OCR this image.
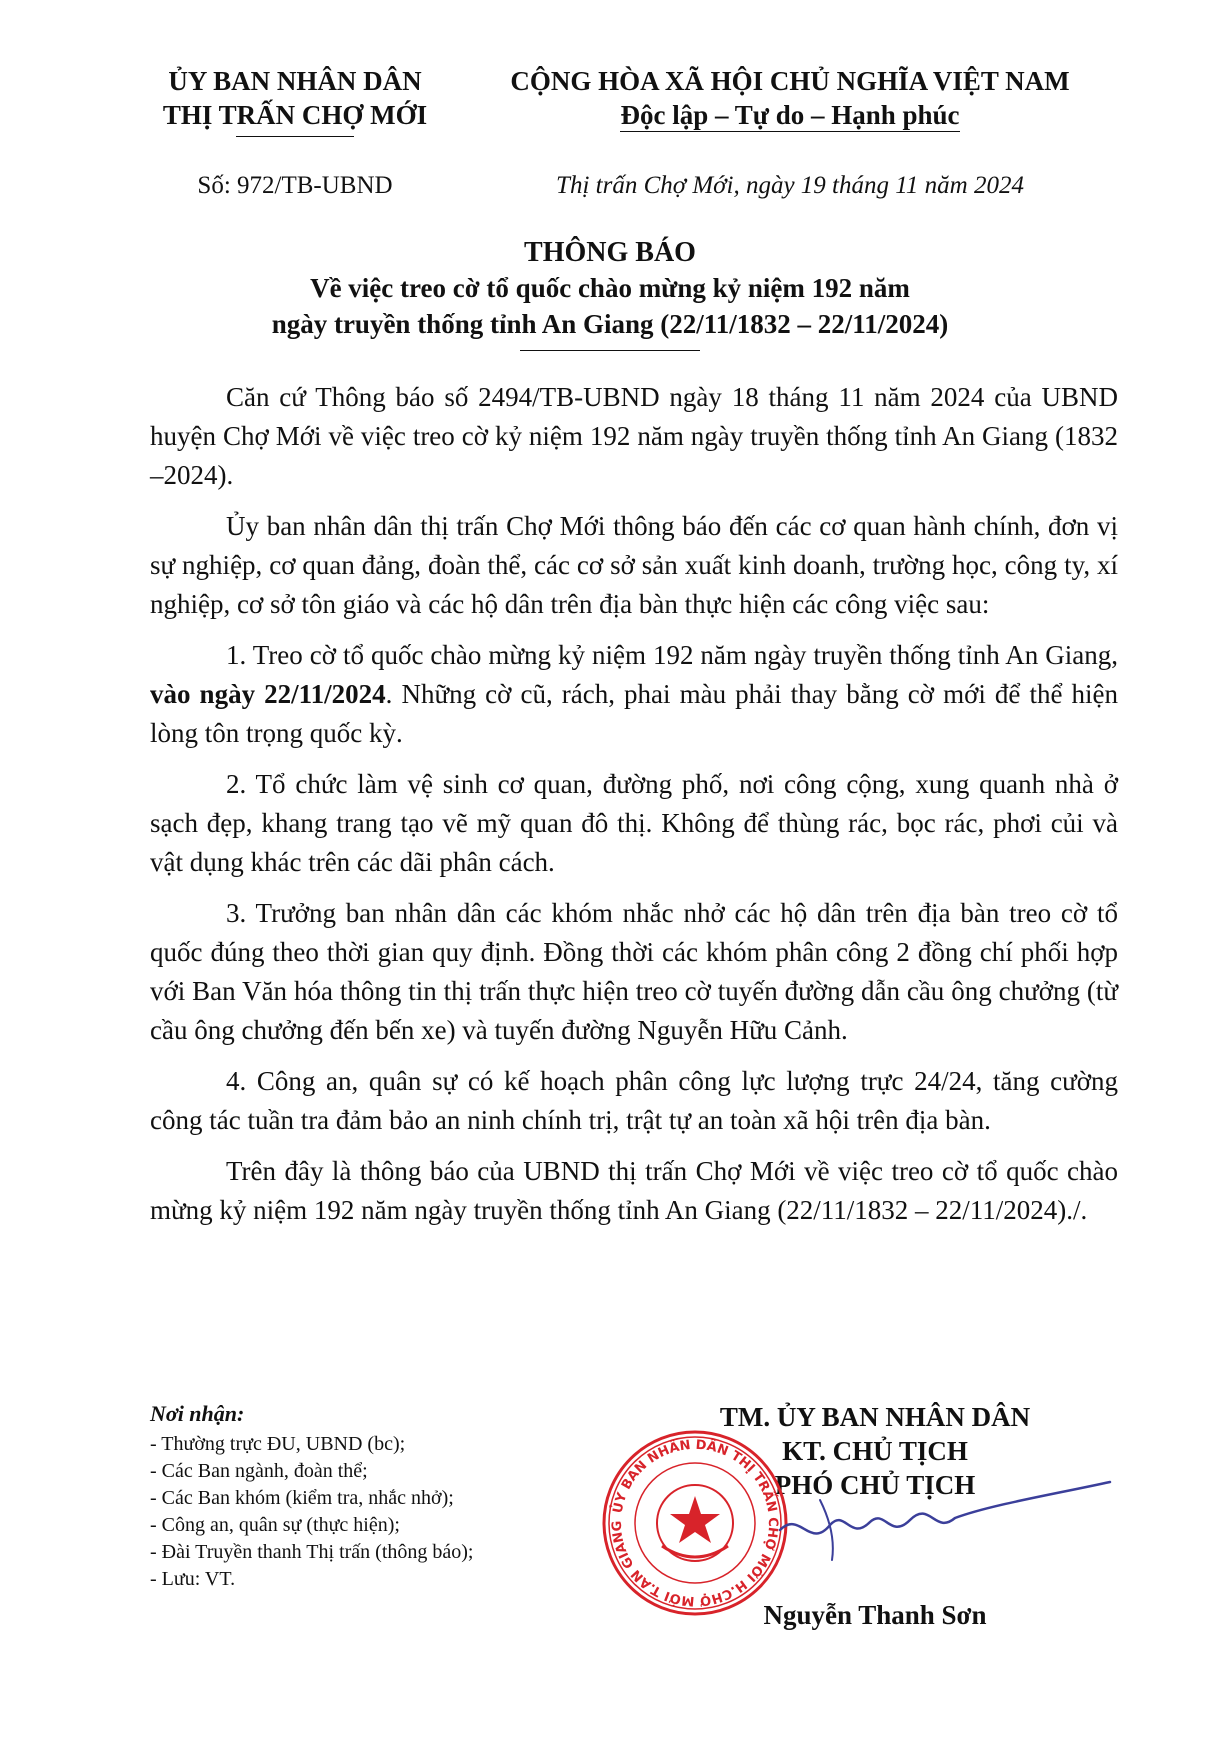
ỦY BAN NHÂN DÂN
THỊ TRẤN CHỢ MỚI
CỘNG HÒA XÃ HỘI CHỦ NGHĨA VIỆT NAM
Độc lập – Tự do – Hạnh phúc
Số: 972/TB-UBND	Thị trấn Chợ Mới, ngày 19 tháng 11 năm 2024
THÔNG BÁO
Về việc treo cờ tổ quốc chào mừng kỷ niệm 192 năm
ngày truyền thống tỉnh An Giang (22/11/1832 – 22/11/2024)

Căn cứ Thông báo số 2494/TB-UBND ngày 18 tháng 11 năm 2024 của UBND huyện Chợ Mới về việc treo cờ kỷ niệm 192 năm ngày truyền thống tỉnh An Giang (1832 –2024).

Ủy ban nhân dân thị trấn Chợ Mới thông báo đến các cơ quan hành chính, đơn vị sự nghiệp, cơ quan đảng, đoàn thể, các cơ sở sản xuất kinh doanh, trường học, công ty, xí nghiệp, cơ sở tôn giáo và các hộ dân trên địa bàn thực hiện các công việc sau:

1. Treo cờ tổ quốc chào mừng kỷ niệm 192 năm ngày truyền thống tỉnh An Giang, vào ngày 22/11/2024. Những cờ cũ, rách, phai màu phải thay bằng cờ mới để thể hiện lòng tôn trọng quốc kỳ.

2. Tổ chức làm vệ sinh cơ quan, đường phố, nơi công cộng, xung quanh nhà ở sạch đẹp, khang trang tạo vẽ mỹ quan đô thị. Không để thùng rác, bọc rác, phơi củi và vật dụng khác trên các dãi phân cách.

3. Trưởng ban nhân dân các khóm nhắc nhở các hộ dân trên địa bàn treo cờ tổ quốc đúng theo thời gian quy định. Đồng thời các khóm phân công 2 đồng chí phối hợp với Ban Văn hóa thông tin thị trấn thực hiện treo cờ tuyến đường dẫn cầu ông chưởng (từ cầu ông chưởng đến bến xe) và tuyến đường Nguyễn Hữu Cảnh.

4. Công an, quân sự có kế hoạch phân công lực lượng trực 24/24, tăng cường công tác tuần tra đảm bảo an ninh chính trị, trật tự an toàn xã hội trên địa bàn.

Trên đây là thông báo của UBND thị trấn Chợ Mới về việc treo cờ tổ quốc chào mừng kỷ niệm 192 năm ngày truyền thống tỉnh An Giang (22/11/1832 – 22/11/2024)./.

Nơi nhận:
- Thường trực ĐU, UBND (bc);
- Các Ban ngành, đoàn thể;
- Các Ban khóm (kiểm tra, nhắc nhở);
- Công an, quân sự (thực hiện);
- Đài Truyền thanh Thị trấn (thông báo);
- Lưu: VT.
TM. ỦY BAN NHÂN DÂN
KT. CHỦ TỊCH
PHÓ CHỦ TỊCH
ỦY BAN NHÂN DÂN THỊ TRẤN CHỢ MỚI H.CHỢ MỚI T.AN GIANG
Nguyễn Thanh Sơn
